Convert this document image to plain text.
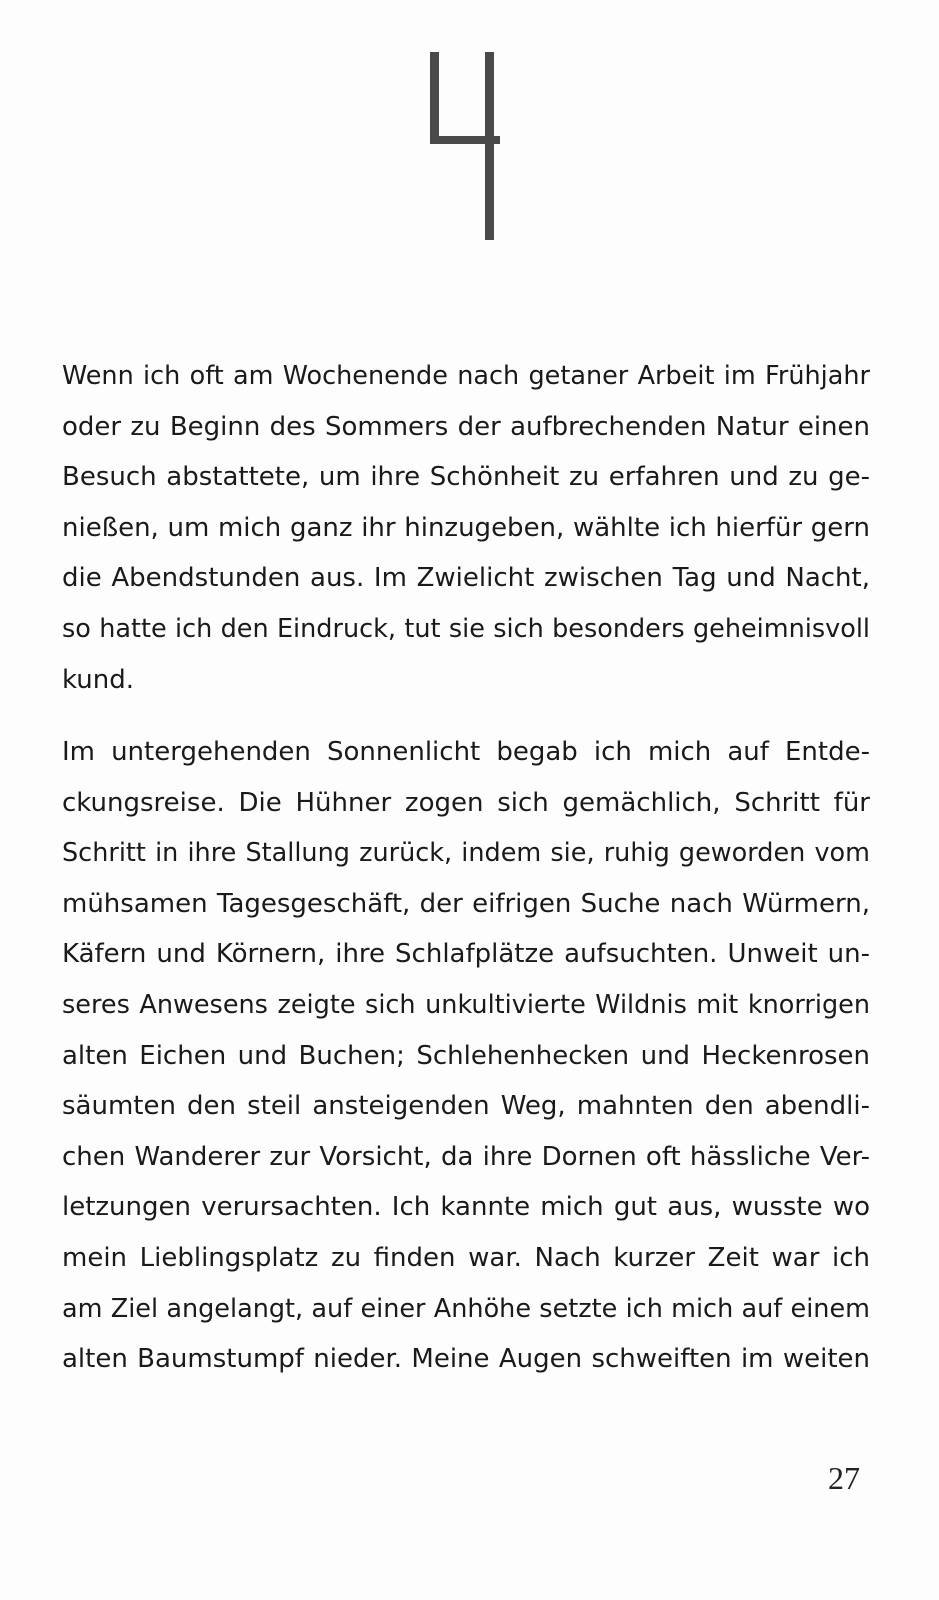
Wenn ich oft am Wochenende nach getaner Arbeit im Frühjahr
oder zu Beginn des Sommers der aufbrechenden Natur einen
Besuch abstattete, um ihre Schönheit zu erfahren und zu ge-
nießen, um mich ganz ihr hinzugeben, wählte ich hierfür gern
die Abendstunden aus. Im Zwielicht zwischen Tag und Nacht,
so hatte ich den Eindruck, tut sie sich besonders geheimnisvoll
kund.

Im untergehenden Sonnenlicht begab ich mich auf Entde-
ckungsreise. Die Hühner zogen sich gemächlich, Schritt für
Schritt in ihre Stallung zurück, indem sie, ruhig geworden vom
mühsamen Tagesgeschäft, der eifrigen Suche nach Würmern,
Käfern und Körnern, ihre Schlafplätze aufsuchten. Unweit un-
seres Anwesens zeigte sich unkultivierte Wildnis mit knorrigen
alten Eichen und Buchen; Schlehenhecken und Heckenrosen
säumten den steil ansteigenden Weg, mahnten den abendli-
chen Wanderer zur Vorsicht, da ihre Dornen oft hässliche Ver-
letzungen verursachten. Ich kannte mich gut aus, wusste wo
mein Lieblingsplatz zu finden war. Nach kurzer Zeit war ich
am Ziel angelangt, auf einer Anhöhe setzte ich mich auf einem
alten Baumstumpf nieder. Meine Augen schweiften im weiten

27
